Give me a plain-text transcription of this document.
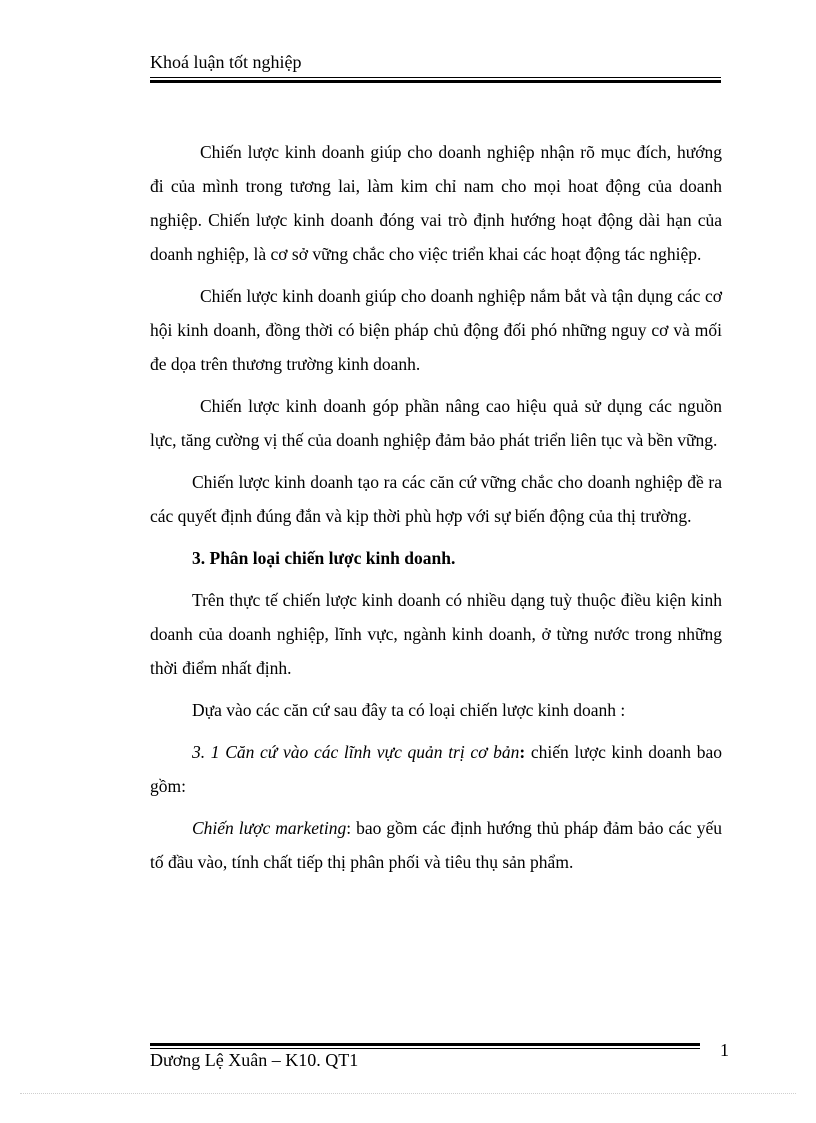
Khoá luận tốt nghiệp

Chiến lược kinh doanh giúp cho doanh nghiệp nhận rõ mục đích, hướng đi của mình trong tương lai, làm kim chỉ nam cho mọi hoat động của doanh nghiệp. Chiến lược kinh doanh đóng vai trò định hướng hoạt động dài hạn của doanh nghiệp, là cơ sở vững chắc cho việc triển khai các hoạt động tác nghiệp.

Chiến lược kinh doanh giúp cho doanh nghiệp nắm bắt và tận dụng các cơ hội kinh doanh, đồng thời có biện pháp chủ động đối phó những nguy cơ và mối đe dọa trên thương trường kinh doanh.

Chiến lược kinh doanh góp phần nâng cao hiệu quả sử dụng các nguồn lực, tăng cường vị thế của doanh nghiệp đảm bảo phát triển liên tục và bền vững.

Chiến lược kinh doanh tạo ra các căn cứ vững chắc cho doanh nghiệp đề ra các quyết định đúng đắn và kịp thời phù hợp với sự biến động của thị trường.

3. Phân loại chiến lược kinh doanh.

Trên thực tế chiến lược kinh doanh có nhiều dạng tuỳ thuộc điều kiện kinh doanh của doanh nghiệp, lĩnh vực, ngành kinh doanh, ở từng nước trong những thời điểm nhất định.

Dựa vào các căn cứ sau đây ta có loại chiến lược kinh doanh :

3. 1 Căn cứ vào các lĩnh vực quản trị cơ bản: chiến lược kinh doanh bao gồm:

Chiến lược marketing: bao gồm các định hướng thủ pháp đảm bảo các yếu tố đầu vào, tính chất tiếp thị phân phối và tiêu thụ sản phẩm.

Dương Lệ Xuân – K10. QT1	1
